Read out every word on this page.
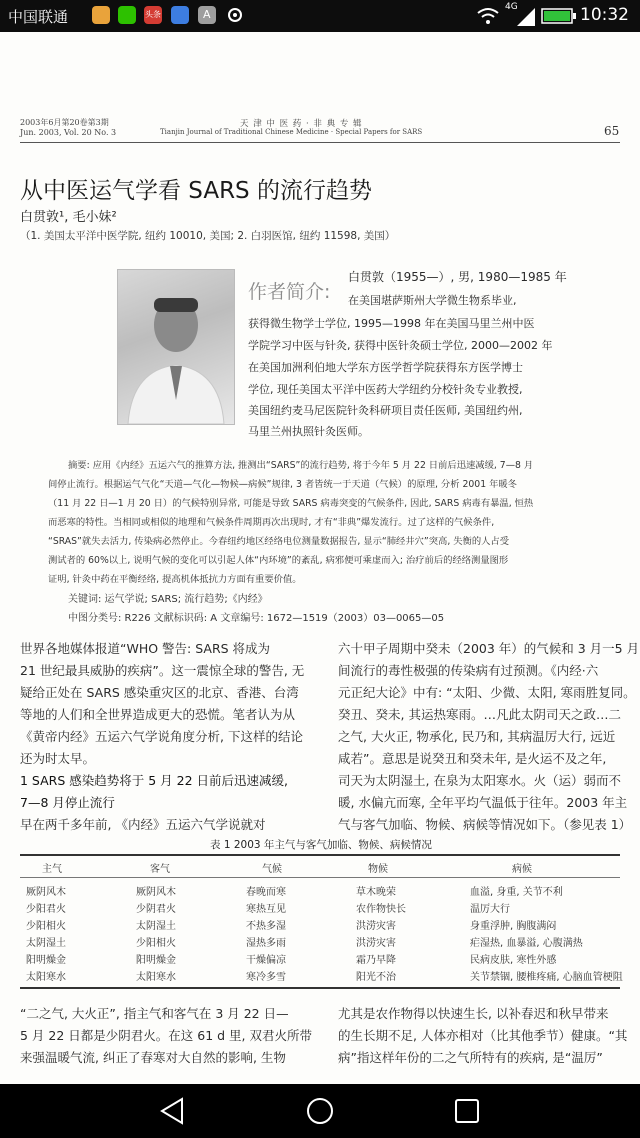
中国联通	头条	A
4G	10:32
2003年6月第20卷第3期
Jun. 2003, Vol. 20 No. 3
天 津 中 医 药 · 非 典 专 辑
Tianjin Journal of Traditional Chinese Medicine · Special Papers for SARS	65
从中医运气学看 SARS 的流行趋势
白贯敦¹, 毛小妹²
（1. 美国太平洋中医学院, 纽约 10010, 美国; 2. 白羽医馆, 纽约 11598, 美国）
作者简介:
白贯敦（1955—）, 男, 1980—1985 年
在美国堪萨斯州大学微生物系毕业,
获得微生物学士学位, 1995—1998 年在美国马里兰州中医
学院学习中医与针灸, 获得中医针灸硕士学位, 2000—2002 年
在美国加洲利伯地大学东方医学哲学院获得东方医学博士
学位, 现任美国太平洋中医药大学纽约分校针灸专业教授,
美国纽约麦马尼医院针灸科研项目责任医师, 美国纽约州,
马里兰州执照针灸医师。
摘要: 应用《内经》五运六气的推算方法, 推测出“SARS”的流行趋势, 将于今年 5 月 22 日前后迅速减缓, 7—8 月
间停止流行。根据运气气化“天道—气化—物候—病候”规律, 3 者皆统一于天道（气候）的原理, 分析 2001 年暖冬
（11 月 22 日—1 月 20 日）的气候特别异常, 可能是导致 SARS 病毒突变的气候条件, 因此, SARS 病毒有暴温, 恒热
而恶寒的特性。当相同或相似的地理和气候条件周期再次出现时, 才有“非典”爆发流行。过了这样的气候条件,
“SRAS”就失去活力, 传染病必然停止。今春纽约地区经络电位测量数据报告, 显示“肺经井穴”突高, 失衡的人占受
测试者的 60%以上, 说明气候的变化可以引起人体“内环境”的紊乱, 病邪便可乘虚而入; 治疗前后的经络测量图形
证明, 针灸中药在平衡经络, 提高机体抵抗力方面有重要价值。
关键词: 运气学说; SARS; 流行趋势;《内经》
中图分类号: R226 文献标识码: A 文章编号: 1672—1519（2003）03—0065—05
世界各地媒体报道“WHO 警告: SARS 将成为
21 世纪最具威胁的疾病”。这一震惊全球的警告, 无
疑给正处在 SARS 感染重灾区的北京、香港、台湾
等地的人们和全世界造成更大的恐慌。笔者认为从
《黄帝内经》五运六气学说角度分析, 下这样的结论
还为时太早。
1 SARS 感染趋势将于 5 月 22 日前后迅速减缓,
7—8 月停止流行
早在两千多年前, 《内经》五运六气学说就对
六十甲子周期中癸未（2003 年）的气候和 3 月一5 月
间流行的毒性极强的传染病有过预测。《内经·六
元正纪大论》中有: “太阳、少微、太阳, 寒雨胜复同。
癸丑、癸未, 其运热寒雨。…凡此太阴司天之政…二
之气, 大火正, 物承化, 民乃和, 其病温厉大行, 远近
咸若”。意思是说癸丑和癸未年, 是火运不及之年,
司天为太阴湿土, 在泉为太阳寒水。火（运）弱而不
暖, 水偏亢而寒, 全年平均气温低于往年。2003 年主
气与客气加临、物候、病候等情况如下。（参见表 1）
表 1 2003 年主气与客气加临、物候、病候情况
主气	客气	气候	物候	病候
厥阴风木	厥阴风木	春晚而寒	草木晚荣	血溢, 身重, 关节不利
少阳君火	少阴君火	寒热互见	农作物快长	温厉大行
少阳相火	太阴湿土	不热多湿	洪涝灾害	身重浮肿, 胸腹满闷
太阴湿土	少阳相火	湿热多雨	洪涝灾害	疟湿热, 血暴溢, 心腹满热
阳明燥金	阳明燥金	干燥偏凉	霜乃早降	民病皮肤, 寒性外感
太阳寒水	太阳寒水	寒冷多雪	阳光不治	关节禁锢, 腰椎疼痛, 心脑血管梗阻
“二之气, 大火正”, 指主气和客气在 3 月 22 日—
5 月 22 日都是少阴君火。在这 61 d 里, 双君火所带
来强温暖气流, 纠正了春寒对大自然的影响, 生物
尤其是农作物得以快速生长, 以补春迟和秋早带来
的生长期不足, 人体亦相对（比其他季节）健康。“其
病”指这样年份的二之气所特有的疾病, 是“温厉”
